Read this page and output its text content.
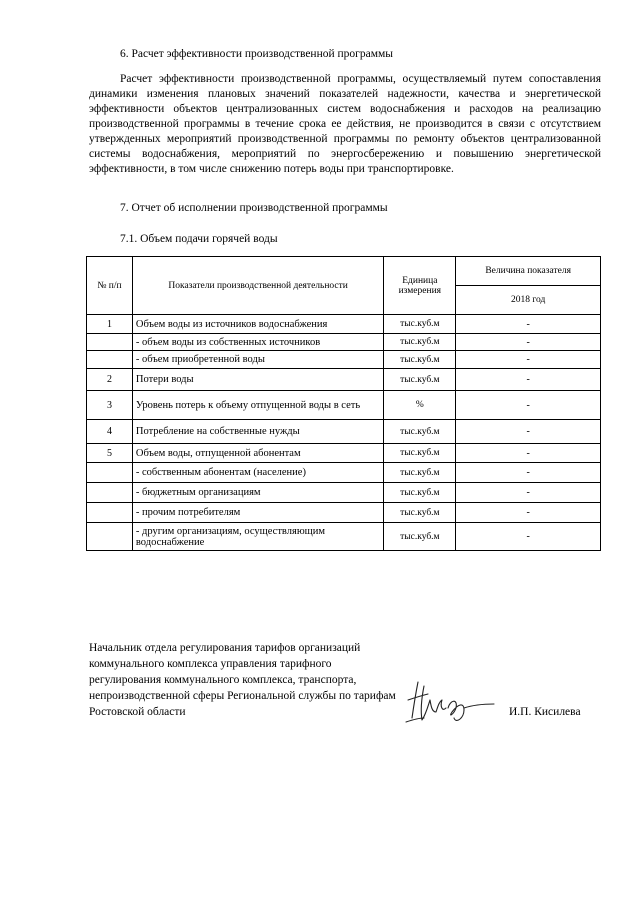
6. Расчет эффективности производственной программы
Расчет эффективности производственной программы, осуществляемый путем сопоставления динамики изменения плановых значений показателей надежности, качества и энергетической эффективности объектов централизованных систем водоснабжения и расходов на реализацию производственной программы в течение срока ее действия, не производится в связи с отсутствием утвержденных мероприятий производственной программы по ремонту объектов централизованной системы водоснабжения, мероприятий по энергосбережению и повышению энергетической эффективности, в том числе снижению потерь воды при транспортировке.
7. Отчет об исполнении производственной программы
7.1. Объем подачи горячей воды
№ п/п	Показатели производственной деятельности	Единица измерения	Величина показателя
			2018 год
1	Объем воды из источников водоснабжения	тыс.куб.м	-
	- объем воды из собственных источников	тыс.куб.м	-
	- объем приобретенной воды	тыс.куб.м	-
2	Потери воды	тыс.куб.м	-
3	Уровень потерь к объему отпущенной воды в сеть	%	-
4	Потребление на собственные нужды	тыс.куб.м	-
5	Объем воды, отпущенной абонентам	тыс.куб.м	-
	- собственным абонентам (население)	тыс.куб.м	-
	- бюджетным организациям	тыс.куб.м	-
	- прочим потребителям	тыс.куб.м	-
	- другим организациям, осуществляющим водоснабжение	тыс.куб.м	-
Начальник отдела регулирования тарифов организаций коммунального комплекса управления тарифного регулирования коммунального комплекса, транспорта, непроизводственной сферы Региональной службы по тарифам Ростовской области	И.П. Кисилева
